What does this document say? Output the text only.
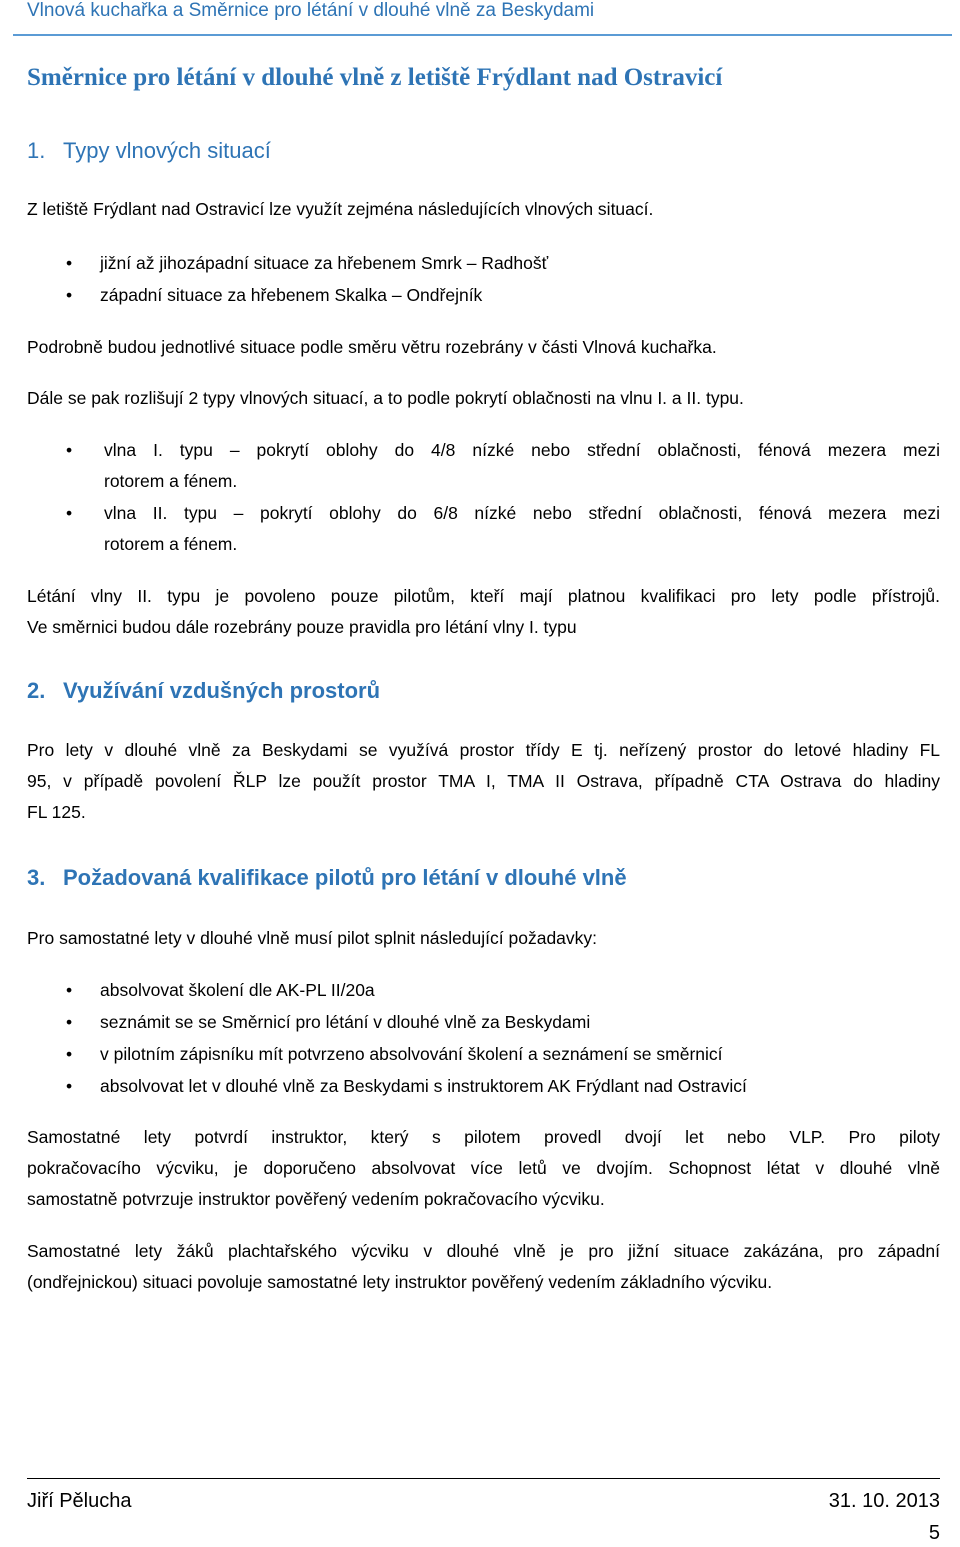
Vlnová kuchařka a Směrnice pro létání v dlouhé vlně za Beskydami
Směrnice pro létání v dlouhé vlně z letiště Frýdlant nad Ostravicí
1. Typy vlnových situací
Z letiště Frýdlant nad Ostravicí lze využít zejména následujících vlnových situací.
• jižní až jihozápadní situace za hřebenem Smrk – Radhošť
• západní situace za hřebenem Skalka – Ondřejník
Podrobně budou jednotlivé situace podle směru větru rozebrány v části Vlnová kuchařka.
Dále se pak rozlišují 2 typy vlnových situací, a to podle pokrytí oblačnosti na vlnu I. a II. typu.
• vlna I. typu – pokrytí oblohy do 4/8 nízké nebo střední oblačnosti, fénová mezera mezi
rotorem a fénem.
• vlna II. typu – pokrytí oblohy do 6/8 nízké nebo střední oblačnosti, fénová mezera mezi
rotorem a fénem.
Létání vlny II. typu je povoleno pouze pilotům, kteří mají platnou kvalifikaci pro lety podle přístrojů.
Ve směrnici budou dále rozebrány pouze pravidla pro létání vlny I. typu
2. Využívání vzdušných prostorů
Pro lety v dlouhé vlně za Beskydami se využívá prostor třídy E tj. neřízený prostor do letové hladiny FL
95, v případě povolení ŘLP lze použít prostor TMA I, TMA II Ostrava, případně CTA Ostrava do hladiny
FL 125.
3. Požadovaná kvalifikace pilotů pro létání v dlouhé vlně
Pro samostatné lety v dlouhé vlně musí pilot splnit následující požadavky:
• absolvovat školení dle AK-PL II/20a
• seznámit se se Směrnicí pro létání v dlouhé vlně za Beskydami
• v pilotním zápisníku mít potvrzeno absolvování školení a seznámení se směrnicí
• absolvovat let v dlouhé vlně za Beskydami s instruktorem AK Frýdlant nad Ostravicí
Samostatné lety potvrdí instruktor, který s pilotem provedl dvojí let nebo VLP. Pro piloty
pokračovacího výcviku, je doporučeno absolvovat více letů ve dvojím. Schopnost létat v dlouhé vlně
samostatně potvrzuje instruktor pověřený vedením pokračovacího výcviku.
Samostatné lety žáků plachtařského výcviku v dlouhé vlně je pro jižní situace zakázána, pro západní
(ondřejnickou) situaci povoluje samostatné lety instruktor pověřený vedením základního výcviku.
Jiří Pělucha	31. 10. 2013
5
